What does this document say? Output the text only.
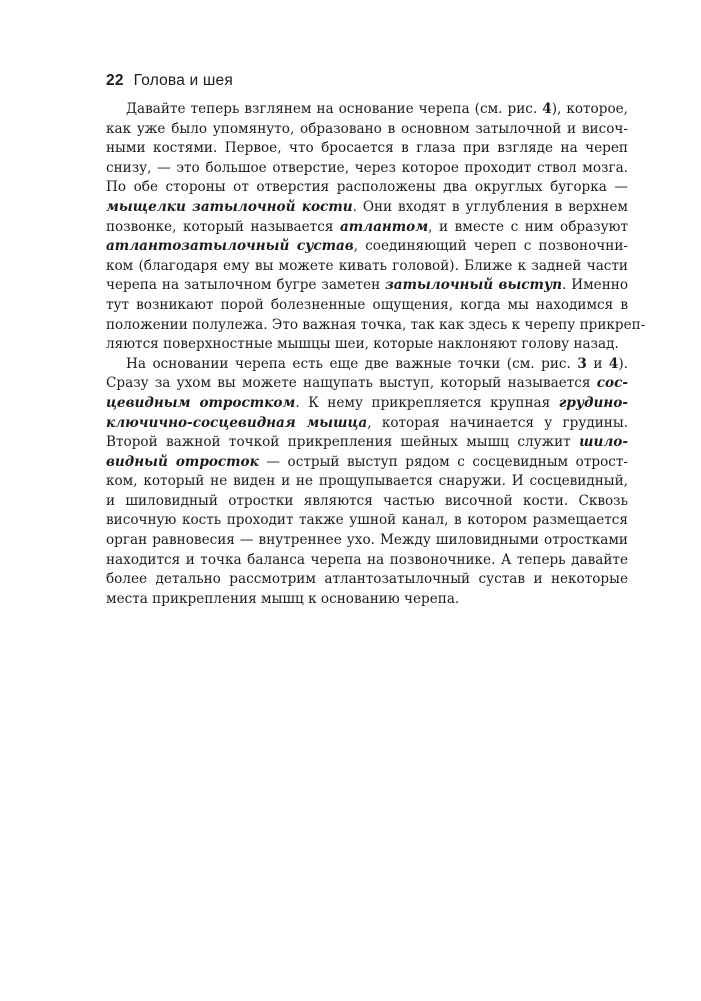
22 Голова и шея
Давайте теперь взглянем на основание черепа (см. рис. 4), которое,
как уже было упомянуто, образовано в основном затылочной и височ-
ными костями. Первое, что бросается в глаза при взгляде на череп
снизу, — это большое отверстие, через которое проходит ствол мозга.
По обе стороны от отверстия расположены два округлых бугорка —
мыщелки затылочной кости. Они входят в углубления в верхнем
позвонке, который называется атлантом, и вместе с ним образуют
атлантозатылочный сустав, соединяющий череп с позвоночни-
ком (благодаря ему вы можете кивать головой). Ближе к задней части
черепа на затылочном бугре заметен затылочный выступ. Именно
тут возникают порой болезненные ощущения, когда мы находимся в
положении полулежа. Это важная точка, так как здесь к черепу прикреп-
ляются поверхностные мышцы шеи, которые наклоняют голову назад.
На основании черепа есть еще две важные точки (см. рис. 3 и 4).
Сразу за ухом вы можете нащупать выступ, который называется сос-
цевидным отростком. К нему прикрепляется крупная грудино-
ключично-сосцевидная мышца, которая начинается у грудины.
Второй важной точкой прикрепления шейных мышц служит шило-
видный отросток — острый выступ рядом с сосцевидным отрост-
ком, который не виден и не прощупывается снаружи. И сосцевидный,
и шиловидный отростки являются частью височной кости. Сквозь
височную кость проходит также ушной канал, в котором размещается
орган равновесия — внутреннее ухо. Между шиловидными отростками
находится и точка баланса черепа на позвоночнике. А теперь давайте
более детально рассмотрим атлантозатылочный сустав и некоторые
места прикрепления мышц к основанию черепа.
